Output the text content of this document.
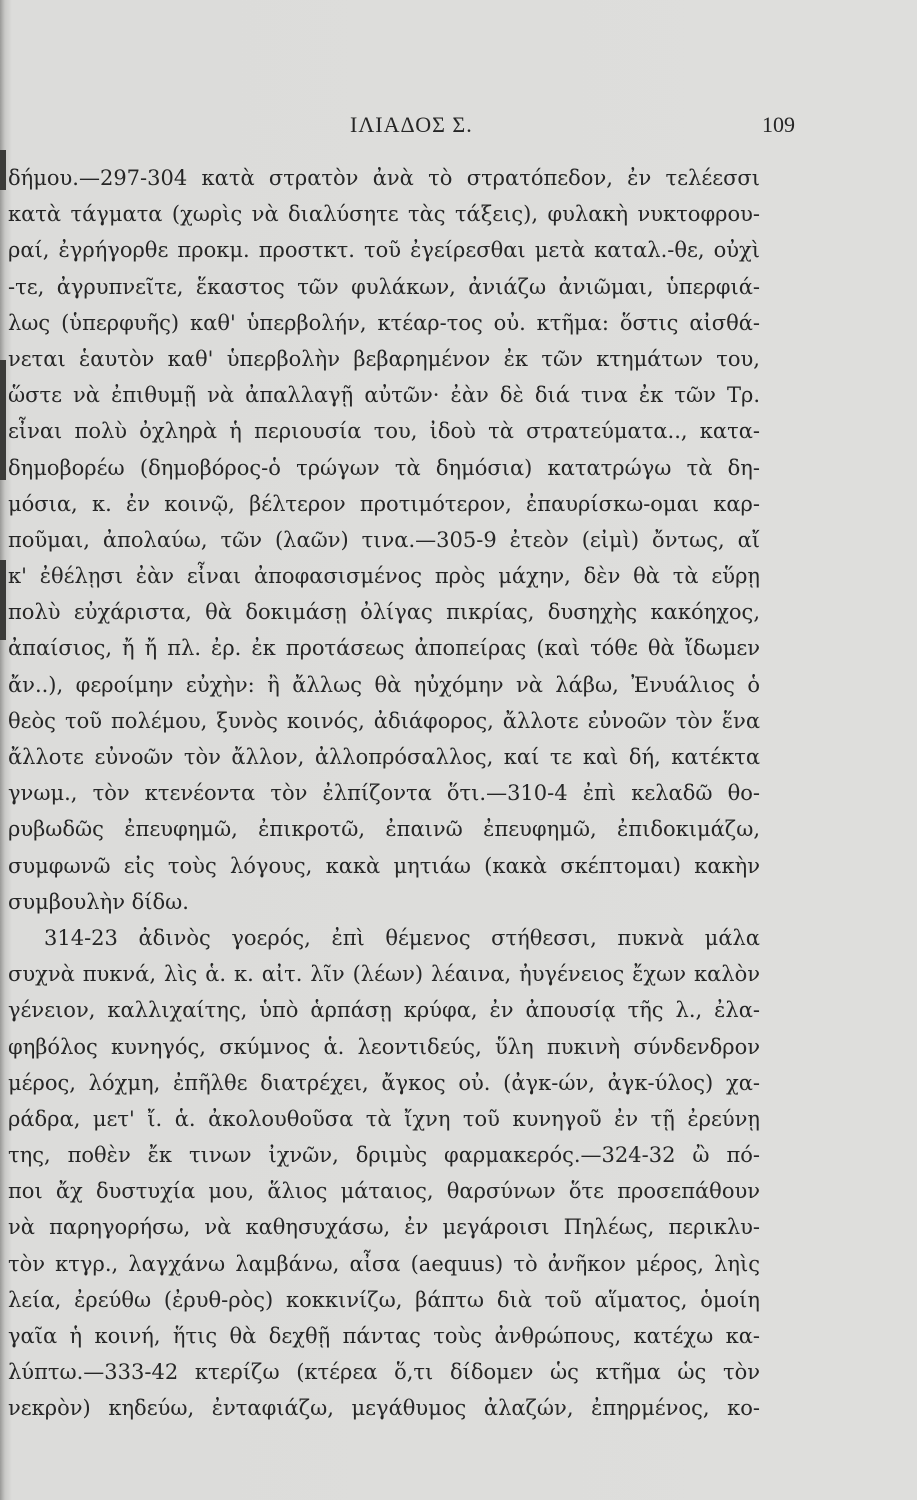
ΙΛΙΑΔΟΣ Σ.	109

δήμου.—297-304 κατὰ στρατὸν ἀνὰ τὸ στρατόπεδον, ἐν τελέεσσι

κατὰ τάγματα (χωρὶς νὰ διαλύσητε τὰς τάξεις), φυλακὴ νυκτοφρου-

ραί, ἐγρήγορθε προκμ. προστκτ. τοῦ ἐγείρεσθαι μετὰ καταλ.-θε, οὐχὶ

-τε, ἀγρυπνεῖτε, ἕκαστος τῶν φυλάκων, ἀνιάζω ἀνιῶμαι, ὑπερφιά-

λως (ὑπερφυῆς) καθ' ὑπερβολήν, κτέαρ-τος οὐ. κτῆμα: ὅστις αἰσθά-

νεται ἑαυτὸν καθ' ὑπερβολὴν βεβαρημένον ἐκ τῶν κτημάτων του,

ὥστε νὰ ἐπιθυμῇ νὰ ἀπαλλαγῇ αὐτῶν· ἐὰν δὲ διά τινα ἐκ τῶν Τρ.

εἶναι πολὺ ὀχληρὰ ἡ περιουσία του, ἰδοὺ τὰ στρατεύματα.., κατα-

δημοβορέω (δημοβόρος-ὁ τρώγων τὰ δημόσια) κατατρώγω τὰ δη-

μόσια, κ. ἐν κοινῷ, βέλτερον προτιμότερον, ἐπαυρίσκω-ομαι καρ-

ποῦμαι, ἀπολαύω, τῶν (λαῶν) τινα.—305-9 ἐτεὸν (εἰμὶ) ὄντως, αἴ

κ' ἐθέλῃσι ἐὰν εἶναι ἀποφασισμένος πρὸς μάχην, δὲν θὰ τὰ εὕρῃ

πολὺ εὐχάριστα, θὰ δοκιμάσῃ ὀλίγας πικρίας, δυσηχὴς κακόηχος,

ἀπαίσιος, ἤ ἤ πλ. ἐρ. ἐκ προτάσεως ἀποπείρας (καὶ τόθε θὰ ἴδωμεν

ἄν..), φεροίμην εὐχὴν: ἢ ἄλλως θὰ ηὐχόμην νὰ λάβω, Ἐνυάλιος ὁ

θεὸς τοῦ πολέμου, ξυνὸς κοινός, ἀδιάφορος, ἄλλοτε εὐνοῶν τὸν ἕνα

ἄλλοτε εὐνοῶν τὸν ἄλλον, ἀλλοπρόσαλλος, καί τε καὶ δή, κατέκτα

γνωμ., τὸν κτενέοντα τὸν ἐλπίζοντα ὅτι.—310-4 ἐπὶ κελαδῶ θο-

ρυβωδῶς ἐπευφημῶ, ἐπικροτῶ, ἐπαινῶ ἐπευφημῶ, ἐπιδοκιμάζω,

συμφωνῶ εἰς τοὺς λόγους, κακὰ μητιάω (κακὰ σκέπτομαι) κακὴν

συμβουλὴν δίδω.

314-23 ἀδινὸς γοερός, ἐπὶ θέμενος στήθεσσι, πυκνὰ μάλα

συχνὰ πυκνά, λὶς ἁ. κ. αἰτ. λῖν (λέων) λέαινα, ἠυγένειος ἔχων καλὸν

γένειον, καλλιχαίτης, ὑπὸ ἁρπάσῃ κρύφα, ἐν ἀπουσίᾳ τῆς λ., ἐλα-

φηβόλος κυνηγός, σκύμνος ἁ. λεοντιδεύς, ὕλη πυκινὴ σύνδενδρον

μέρος, λόχμη, ἐπῆλθε διατρέχει, ἄγκος οὐ. (ἀγκ-ών, ἀγκ-ύλος) χα-

ράδρα, μετ' ἴ. ἁ. ἀκολουθοῦσα τὰ ἴχνη τοῦ κυνηγοῦ ἐν τῇ ἐρεύνῃ

της, ποθὲν ἔκ τινων ἰχνῶν, δριμὺς φαρμακερός.—324-32 ὢ πό-

ποι ἄχ δυστυχία μου, ἅλιος μάταιος, θαρσύνων ὅτε προσεπάθουν

νὰ παρηγορήσω, νὰ καθησυχάσω, ἐν μεγάροισι Πηλέως, περικλυ-

τὸν κτγρ., λαγχάνω λαμβάνω, αἶσα (aequus) τὸ ἀνῆκον μέρος, ληὶς

λεία, ἐρεύθω (ἐρυθ-ρὸς) κοκκινίζω, βάπτω διὰ τοῦ αἵματος, ὁμοίη

γαῖα ἡ κοινή, ἥτις θὰ δεχθῇ πάντας τοὺς ἀνθρώπους, κατέχω κα-

λύπτω.—333-42 κτερίζω (κτέρεα ὅ,τι δίδομεν ὡς κτῆμα ὡς τὸν

νεκρὸν) κηδεύω, ἐνταφιάζω, μεγάθυμος ἀλαζών, ἐπηρμένος, κο-
